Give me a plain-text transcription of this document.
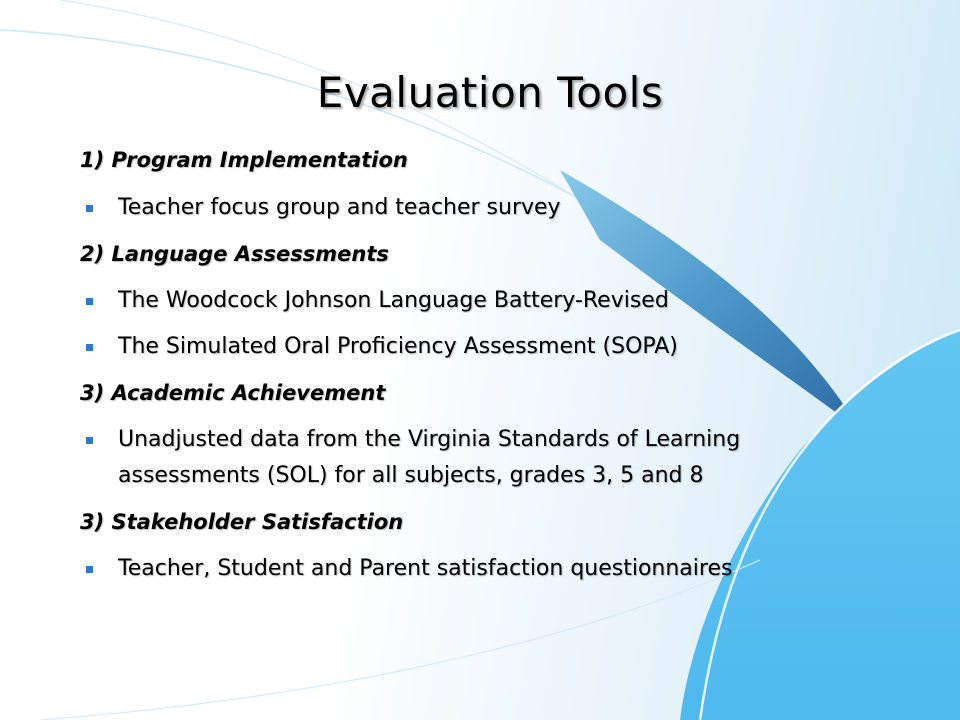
Evaluation Tools
1) Program Implementation
Teacher focus group and teacher survey
2) Language Assessments
The Woodcock Johnson Language Battery-Revised
The Simulated Oral Proficiency Assessment (SOPA)
3) Academic Achievement
Unadjusted data from the Virginia Standards of Learning assessments (SOL) for all subjects, grades 3, 5 and 8
3) Stakeholder Satisfaction
Teacher, Student and Parent satisfaction questionnaires
